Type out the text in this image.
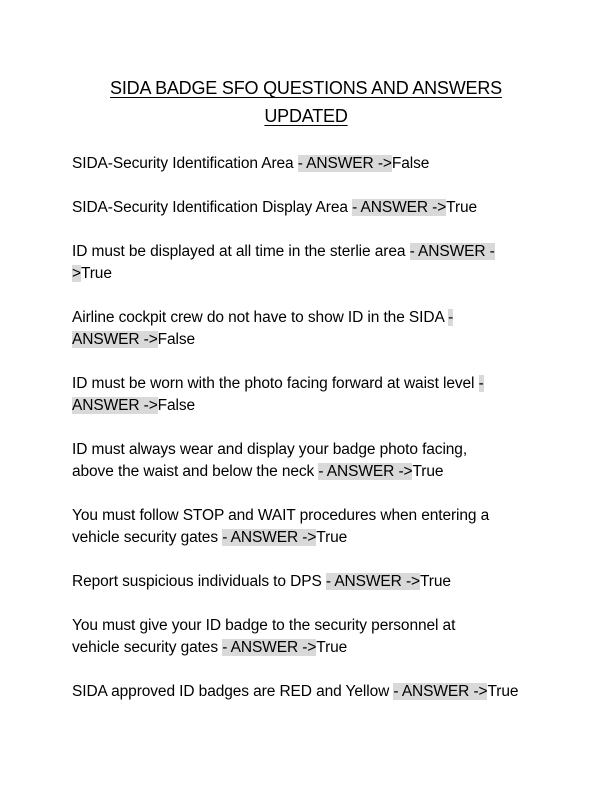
SIDA BADGE SFO QUESTIONS AND ANSWERS
UPDATED
SIDA-Security Identification Area - ANSWER ->False
SIDA-Security Identification Display Area - ANSWER ->True
ID must be displayed at all time in the sterlie area - ANSWER - >True
Airline cockpit crew do not have to show ID in the SIDA - ANSWER ->False
ID must be worn with the photo facing forward at waist level - ANSWER ->False
ID must always wear and display your badge photo facing, above the waist and below the neck - ANSWER ->True
You must follow STOP and WAIT procedures when entering a vehicle security gates - ANSWER ->True
Report suspicious individuals to DPS - ANSWER ->True
You must give your ID badge to the security personnel at vehicle security gates - ANSWER ->True
SIDA approved ID badges are RED and Yellow - ANSWER ->True
